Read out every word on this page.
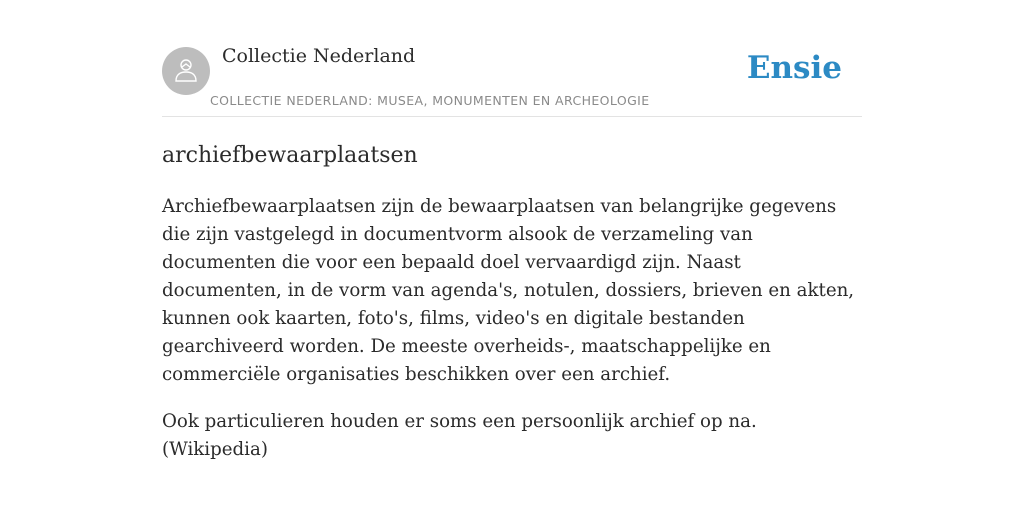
Collectie Nederland
COLLECTIE NEDERLAND: MUSEA, MONUMENTEN EN ARCHEOLOGIE
Ensie
archiefbewaarplaatsen

Archiefbewaarplaatsen zijn de bewaarplaatsen van belangrijke gegevens die zijn vastgelegd in documentvorm alsook de verzameling van documenten die voor een bepaald doel vervaardigd zijn. Naast documenten, in de vorm van agenda's, notulen, dossiers, brieven en akten, kunnen ook kaarten, foto's, films, video's en digitale bestanden gearchiveerd worden. De meeste overheids-, maatschappelijke en commerciële organisaties beschikken over een archief.

Ook particulieren houden er soms een persoonlijk archief op na. (Wikipedia)
